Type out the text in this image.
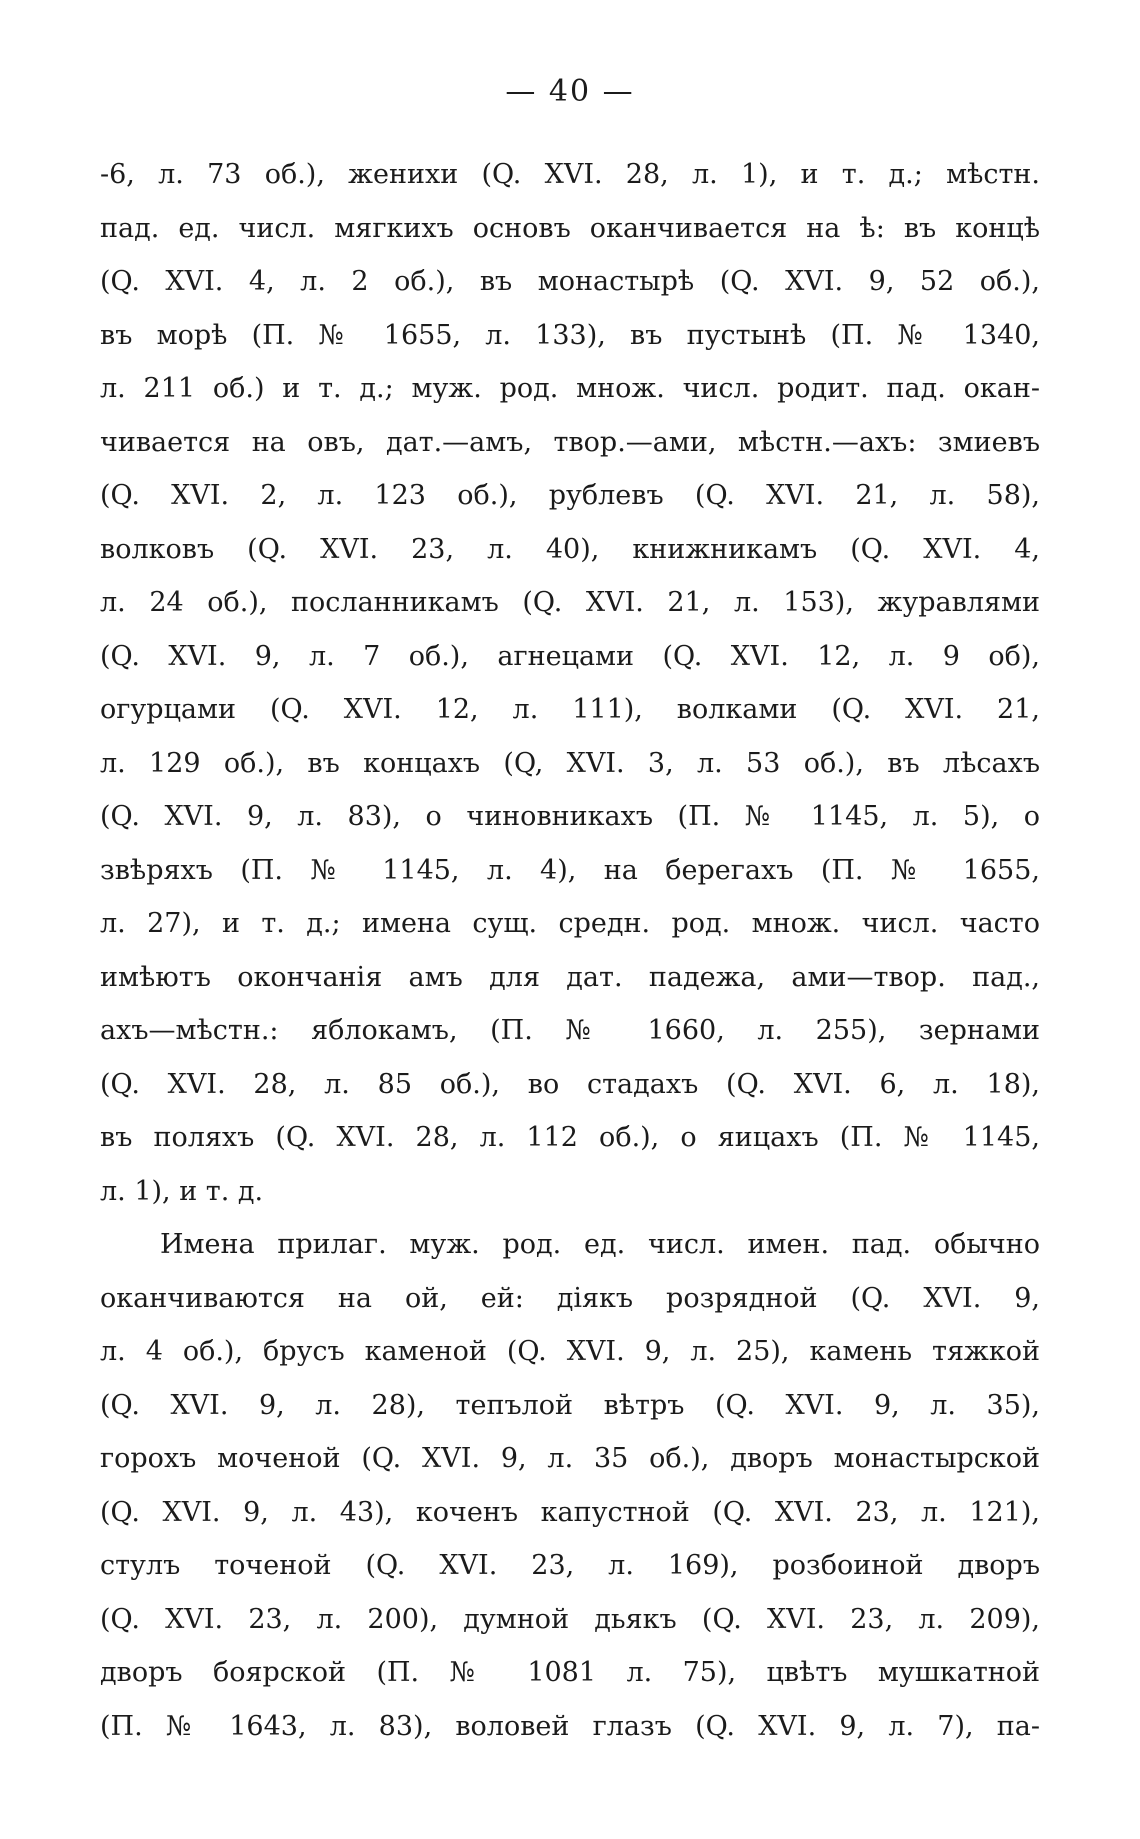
— 40 —
-6, л. 73 об.), женихи (Q. XVI. 28, л. 1), и т. д.; мѣстн.
пад. ед. числ. мягкихъ основъ оканчивается на ѣ: въ концѣ
(Q. XVI. 4, л. 2 об.), въ монастырѣ (Q. XVI. 9, 52 об.),
въ морѣ (П. № 1655, л. 133), въ пустынѣ (П. № 1340,
л. 211 об.) и т. д.; муж. род. множ. числ. родит. пад. окан-
чивается на овъ, дат.—амъ, твор.—ами, мѣстн.—ахъ: змиевъ
(Q. XVI. 2, л. 123 об.), рублевъ (Q. XVI. 21, л. 58),
волковъ (Q. XVI. 23, л. 40), книжникамъ (Q. XVI. 4,
л. 24 об.), посланникамъ (Q. XVI. 21, л. 153), журавлями
(Q. XVI. 9, л. 7 об.), агнецами (Q. XVI. 12, л. 9 об),
огурцами (Q. XVI. 12, л. 111), волками (Q. XVI. 21,
л. 129 об.), въ концахъ (Q, XVI. 3, л. 53 об.), въ лѣсахъ
(Q. XVI. 9, л. 83), о чиновникахъ (П. № 1145, л. 5), о
звѣряхъ (П. № 1145, л. 4), на берегахъ (П. № 1655,
л. 27), и т. д.; имена сущ. средн. род. множ. числ. часто
имѣютъ окончанія амъ для дат. падежа, ами—твор. пад.,
ахъ—мѣстн.: яблокамъ, (П. № 1660, л. 255), зернами
(Q. XVI. 28, л. 85 об.), во стадахъ (Q. XVI. 6, л. 18),
въ поляхъ (Q. XVI. 28, л. 112 об.), о яицахъ (П. № 1145,
л. 1), и т. д.
Имена прилаг. муж. род. ед. числ. имен. пад. обычно
оканчиваются на ой, ей: дiякъ розрядной (Q. XVI. 9,
л. 4 об.), брусъ каменой (Q. XVI. 9, л. 25), камень тяжкой
(Q. XVI. 9, л. 28), тепълой вѣтръ (Q. XVI. 9, л. 35),
горохъ моченой (Q. XVI. 9, л. 35 об.), дворъ монастырской
(Q. XVI. 9, л. 43), коченъ капустной (Q. XVI. 23, л. 121),
стулъ точеной (Q. XVI. 23, л. 169), розбоиной дворъ
(Q. XVI. 23, л. 200), думной дьякъ (Q. XVI. 23, л. 209),
дворъ боярской (П. № 1081 л. 75), цвѣтъ мушкатной
(П. № 1643, л. 83), воловей глазъ (Q. XVI. 9, л. 7), па-
